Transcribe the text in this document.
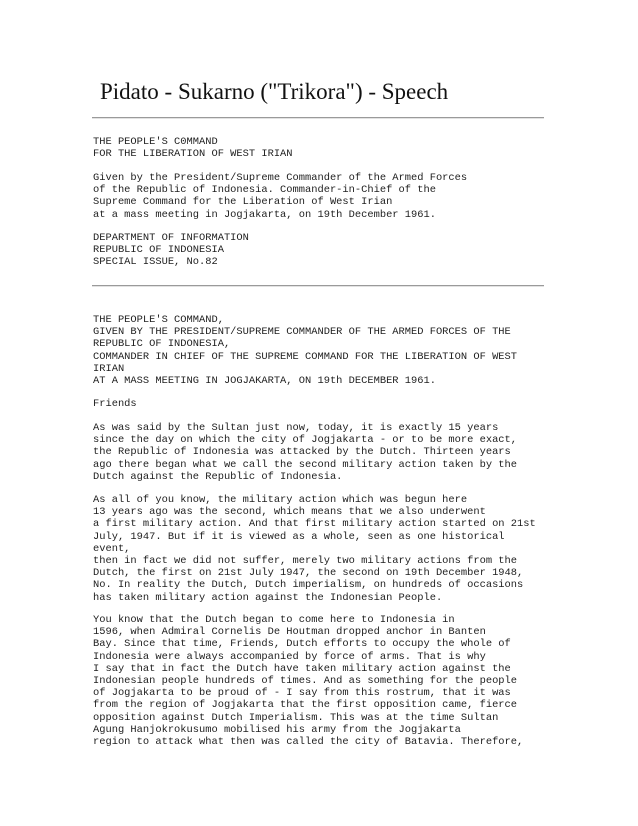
Pidato - Sukarno ("Trikora") - Speech
THE PEOPLE'S C0MMAND
FOR THE LIBERATION OF WEST IRIAN
Given by the President/Supreme Commander of the Armed Forces
of the Republic of Indonesia. Commander-in-Chief of the
Supreme Command for the Liberation of West Irian
at a mass meeting in Jogjakarta, on 19th December 1961.
DEPARTMENT OF INFORMATION
REPUBLIC OF INDONESIA
SPECIAL ISSUE, No.82
THE PEOPLE'S COMMAND,
GIVEN BY THE PRESIDENT/SUPREME COMMANDER OF THE ARMED FORCES OF THE
REPUBLIC OF INDONESIA,
COMMANDER IN CHIEF OF THE SUPREME COMMAND FOR THE LIBERATION OF WEST
IRIAN
AT A MASS MEETING IN JOGJAKARTA, ON 19th DECEMBER 1961.
Friends
As was said by the Sultan just now, today, it is exactly 15 years
since the day on which the city of Jogjakarta - or to be more exact,
the Republic of Indonesia was attacked by the Dutch. Thirteen years
ago there began what we call the second military action taken by the
Dutch against the Republic of Indonesia.
As all of you know, the military action which was begun here
13 years ago was the second, which means that we also underwent
a first military action. And that first military action started on 21st
July, 1947. But if it is viewed as a whole, seen as one historical
event,
then in fact we did not suffer, merely two military actions from the
Dutch, the first on 21st July 1947, the second on 19th December 1948,
No. In reality the Dutch, Dutch imperialism, on hundreds of occasions
has taken military action against the Indonesian People.
You know that the Dutch began to come here to Indonesia in
1596, when Admiral Cornelis De Houtman dropped anchor in Banten
Bay. Since that time, Friends, Dutch efforts to occupy the whole of
Indonesia were always accompanied by force of arms. That is why
I say that in fact the Dutch have taken military action against the
Indonesian people hundreds of times. And as something for the people
of Jogjakarta to be proud of - I say from this rostrum, that it was
from the region of Jogjakarta that the first opposition came, fierce
opposition against Dutch Imperialism. This was at the time Sultan
Agung Hanjokrokusumo mobilised his army from the Jogjakarta
region to attack what then was called the city of Batavia. Therefore,
